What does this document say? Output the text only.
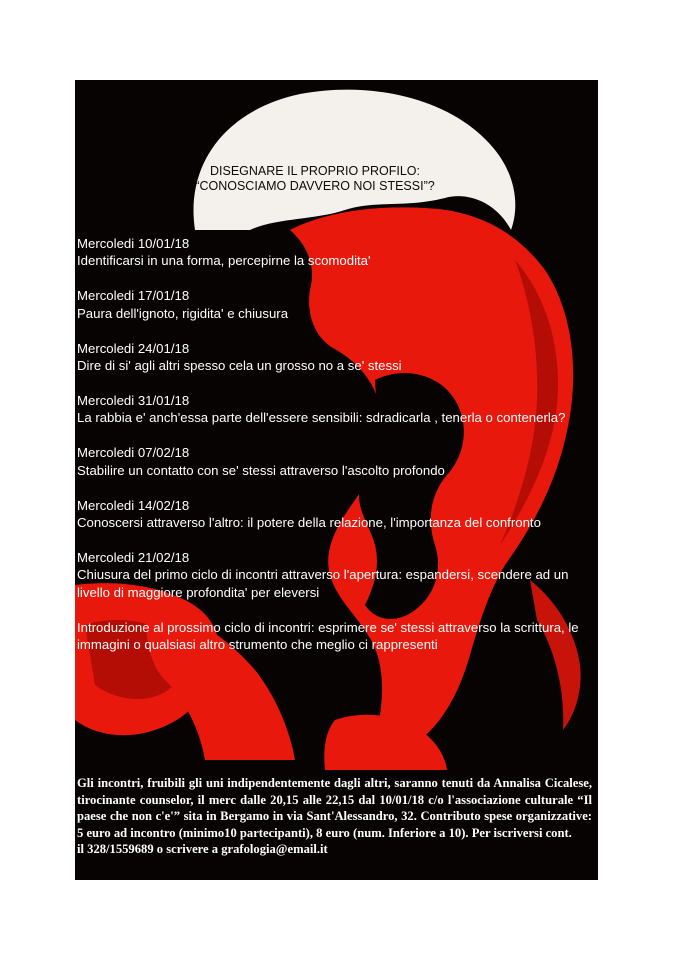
DISEGNARE IL PROPRIO PROFILO:
“CONOSCIAMO DAVVERO NOI STESSI”?
Mercoledi 10/01/18
Identificarsi in una forma, percepirne la scomodita'
Mercoledi 17/01/18
Paura dell'ignoto, rigidita' e chiusura
Mercoledi 24/01/18
Dire di si' agli altri spesso cela un grosso no a se' stessi
Mercoledi 31/01/18
La rabbia e' anch'essa parte dell'essere sensibili: sdradicarla , tenerla o contenerla?
Mercoledi 07/02/18
Stabilire un contatto con se' stessi attraverso l'ascolto profondo
Mercoledi 14/02/18
Conoscersi attraverso l'altro: il potere della relazione, l'importanza del confronto
Mercoledi 21/02/18
Chiusura del primo ciclo di incontri attraverso l'apertura: espandersi, scendere ad un livello di maggiore profondita' per eleversi
Introduzione al prossimo ciclo di incontri: esprimere se' stessi attraverso la scrittura, le immagini o qualsiasi altro strumento che meglio ci rappresenti
Gli incontri, fruibili gli uni indipendentemente dagli altri, saranno tenuti da Annalisa Cicalese, tirocinante counselor, il merc dalle 20,15 alle 22,15 dal 10/01/18 c/o l'associazione culturale “Il paese che non c'e'” sita in Bergamo in via Sant'Alessandro, 32. Contributo spese organizzative: 5 euro ad incontro (minimo10 partecipanti), 8 euro (num. Inferiore a 10). Per iscriversi cont.
il 328/1559689 o scrivere a grafologia@email.it
